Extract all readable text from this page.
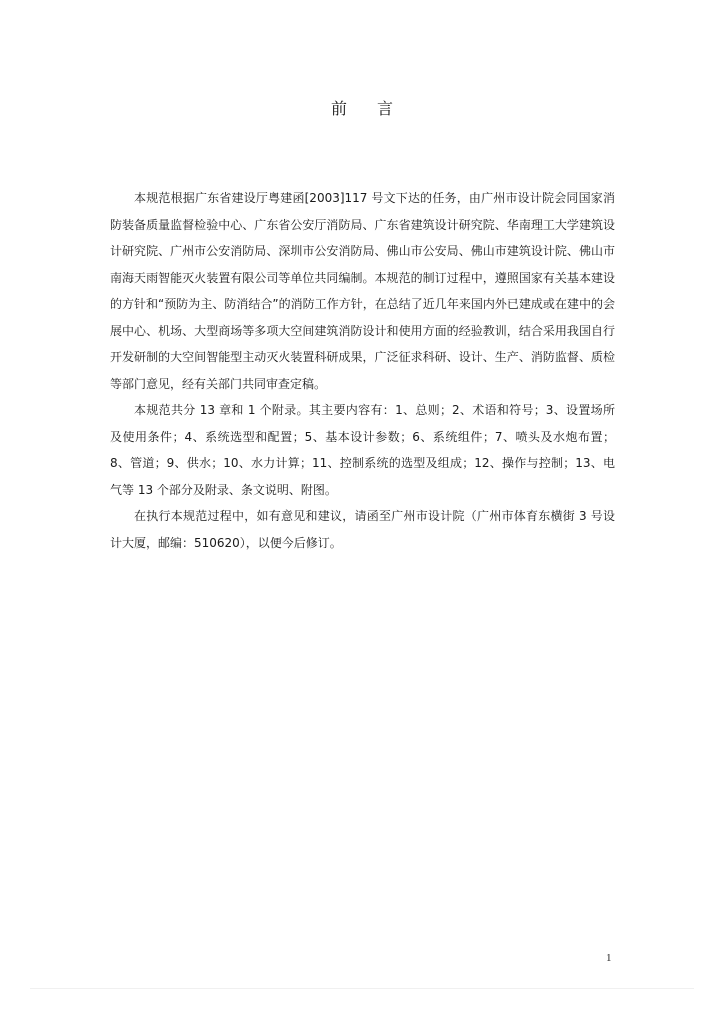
前言

本规范根据广东省建设厅粤建函[2003]117 号文下达的任务，由广州市设计院会同国家消防装备质量监督检验中心、广东省公安厅消防局、广东省建筑设计研究院、华南理工大学建筑设计研究院、广州市公安消防局、深圳市公安消防局、佛山市公安局、佛山市建筑设计院、佛山市南海天雨智能灭火装置有限公司等单位共同编制。本规范的制订过程中，遵照国家有关基本建设的方针和“预防为主、防消结合”的消防工作方针，在总结了近几年来国内外已建成或在建中的会展中心、机场、大型商场等多项大空间建筑消防设计和使用方面的经验教训，结合采用我国自行开发研制的大空间智能型主动灭火装置科研成果，广泛征求科研、设计、生产、消防监督、质检等部门意见，经有关部门共同审查定稿。

本规范共分 13 章和 1 个附录。其主要内容有：1、总则；2、术语和符号；3、设置场所及使用条件；4、系统选型和配置；5、基本设计参数；6、系统组件；7、喷头及水炮布置；8、管道；9、供水；10、水力计算；11、控制系统的选型及组成；12、操作与控制；13、电气等 13 个部分及附录、条文说明、附图。

在执行本规范过程中，如有意见和建议，请函至广州市设计院（广州市体育东横街 3 号设计大厦，邮编：510620），以便今后修订。

1
